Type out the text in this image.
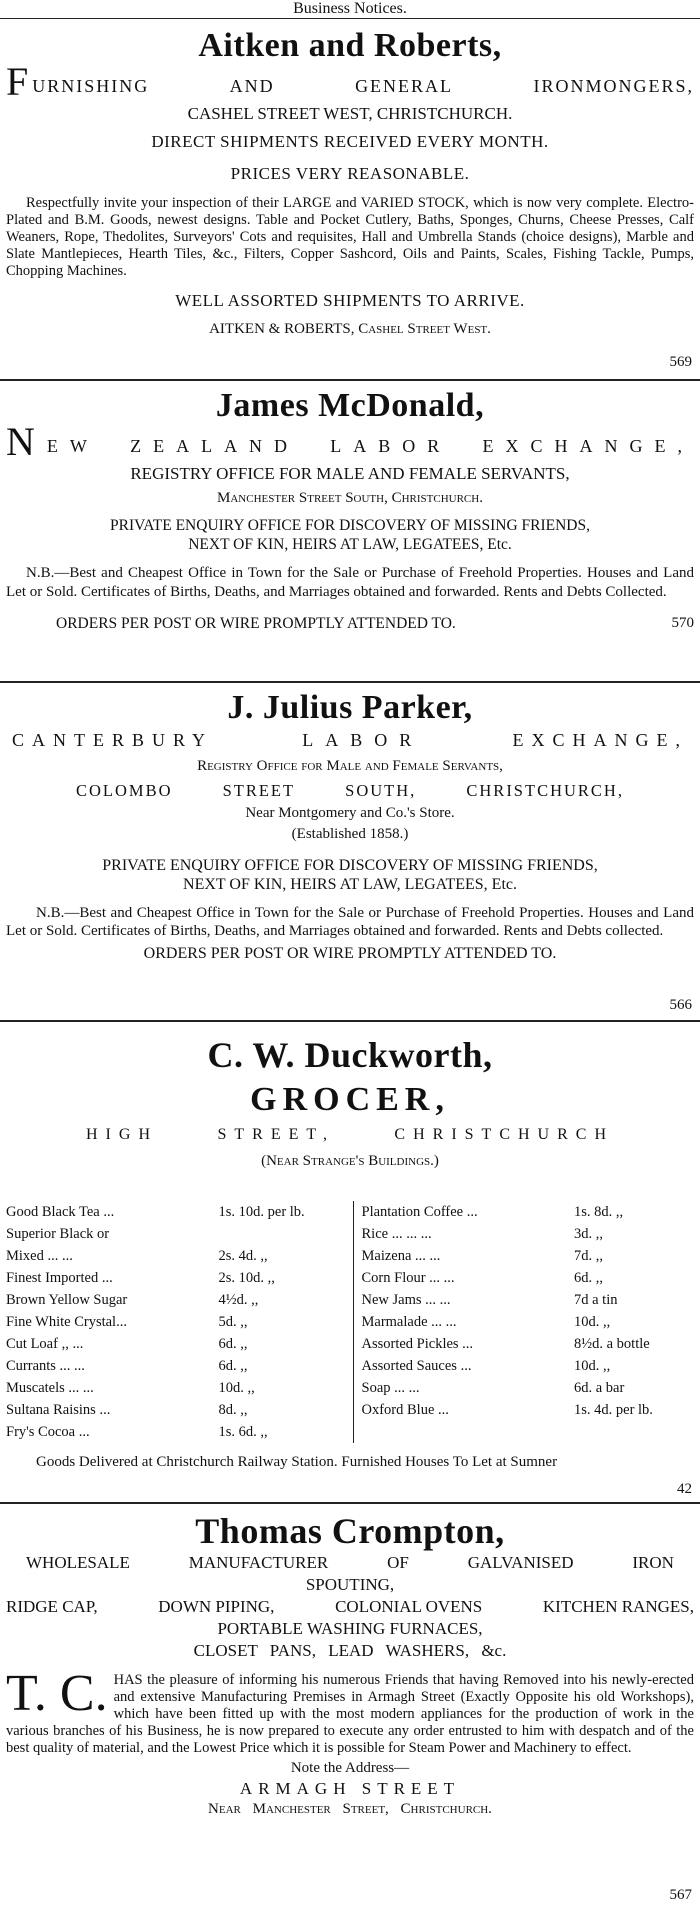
Business Notices.
Aitken and Roberts,
F URNISHING	AND	GENERAL	IRONMONGERS,
CASHEL STREET WEST, CHRISTCHURCH.
DIRECT SHIPMENTS RECEIVED EVERY MONTH.
PRICES VERY REASONABLE.
Respectfully invite your inspection of their LARGE and VARIED STOCK, which is now very complete. Electro-Plated and B.M. Goods, newest designs. Table and Pocket Cutlery, Baths, Sponges, Churns, Cheese Presses, Calf Weaners, Rope, Thedolites, Surveyors' Cots and requisites, Hall and Umbrella Stands (choice designs), Marble and Slate Mantlepieces, Hearth Tiles, &c., Filters, Copper Sashcord, Oils and Paints, Scales, Fishing Tackle, Pumps, Chopping Machines.
WELL ASSORTED SHIPMENTS TO ARRIVE.
AITKEN & ROBERTS, Cashel Street West.
569
James McDonald,
N EW ZEALAND LABOR EXCHANGE,
REGISTRY OFFICE FOR MALE AND FEMALE SERVANTS,
Manchester Street South, Christchurch.
PRIVATE ENQUIRY OFFICE FOR DISCOVERY OF MISSING FRIENDS,
NEXT OF KIN, HEIRS AT LAW, LEGATEES, Etc.
N.B.—Best and Cheapest Office in Town for the Sale or Purchase of Freehold Properties. Houses and Land Let or Sold. Certificates of Births, Deaths, and Marriages obtained and forwarded. Rents and Debts Collected.
ORDERS PER POST OR WIRE PROMPTLY ATTENDED TO.	570
J. Julius Parker,
CANTERBURY	LABOR	EXCHANGE,
Registry Office for Male and Female Servants,
COLOMBO	STREET	SOUTH,	CHRISTCHURCH,
Near Montgomery and Co.'s Store.
(Established 1858.)
PRIVATE ENQUIRY OFFICE FOR DISCOVERY OF MISSING FRIENDS,
NEXT OF KIN, HEIRS AT LAW, LEGATEES, Etc.
N.B.—Best and Cheapest Office in Town for the Sale or Purchase of Freehold Properties. Houses and Land Let or Sold. Certificates of Births, Deaths, and Marriages obtained and forwarded. Rents and Debts collected.
ORDERS PER POST OR WIRE PROMPTLY ATTENDED TO.
566
C. W. Duckworth,
GROCER,
HIGH	STREET,	CHRISTCHURCH
(Near Strange's Buildings.)
Good Black Tea ...	1s. 10d. per lb.
Superior Black or
Mixed ... ...	2s. 4d. ,,
Finest Imported ...	2s. 10d. ,,
Brown Yellow Sugar	4½d. ,,
Fine White Crystal...	5d. ,,
Cut Loaf ,, ...	6d. ,,
Currants ... ...	6d. ,,
Muscatels ... ...	10d. ,,
Sultana Raisins ...	8d. ,,
Fry's Cocoa ...	1s. 6d. ,,
Plantation Coffee ...	1s. 8d. ,,
Rice ... ... ...	3d. ,,
Maizena ... ...	7d. ,,
Corn Flour ... ...	6d. ,,
New Jams ... ...	7d a tin
Marmalade ... ...	10d. ,,
Assorted Pickles ...	8½d. a bottle
Assorted Sauces ...	10d. ,,
Soap ... ...	6d. a bar
Oxford Blue ...	1s. 4d. per lb.
Goods Delivered at Christchurch Railway Station. Furnished Houses To Let at Sumner
42
Thomas Crompton,
WHOLESALE	MANUFACTURER	OF	GALVANISED	IRON
SPOUTING,
RIDGE CAP,	DOWN PIPING,	COLONIAL OVENS	KITCHEN RANGES,
PORTABLE WASHING FURNACES,
CLOSET PANS, LEAD WASHERS, &c.
T. C. HAS the pleasure of informing his numerous Friends that having Removed into his newly-erected and extensive Manufacturing Premises in Armagh Street (Exactly Opposite his old Workshops), which have been fitted up with the most modern appliances for the production of work in the various branches of his Business, he is now prepared to execute any order entrusted to him with despatch and of the best quality of material, and the Lowest Price which it is possible for Steam Power and Machinery to effect.
Note the Address—
ARMAGH STREET
Near Manchester Street, Christchurch.
567
